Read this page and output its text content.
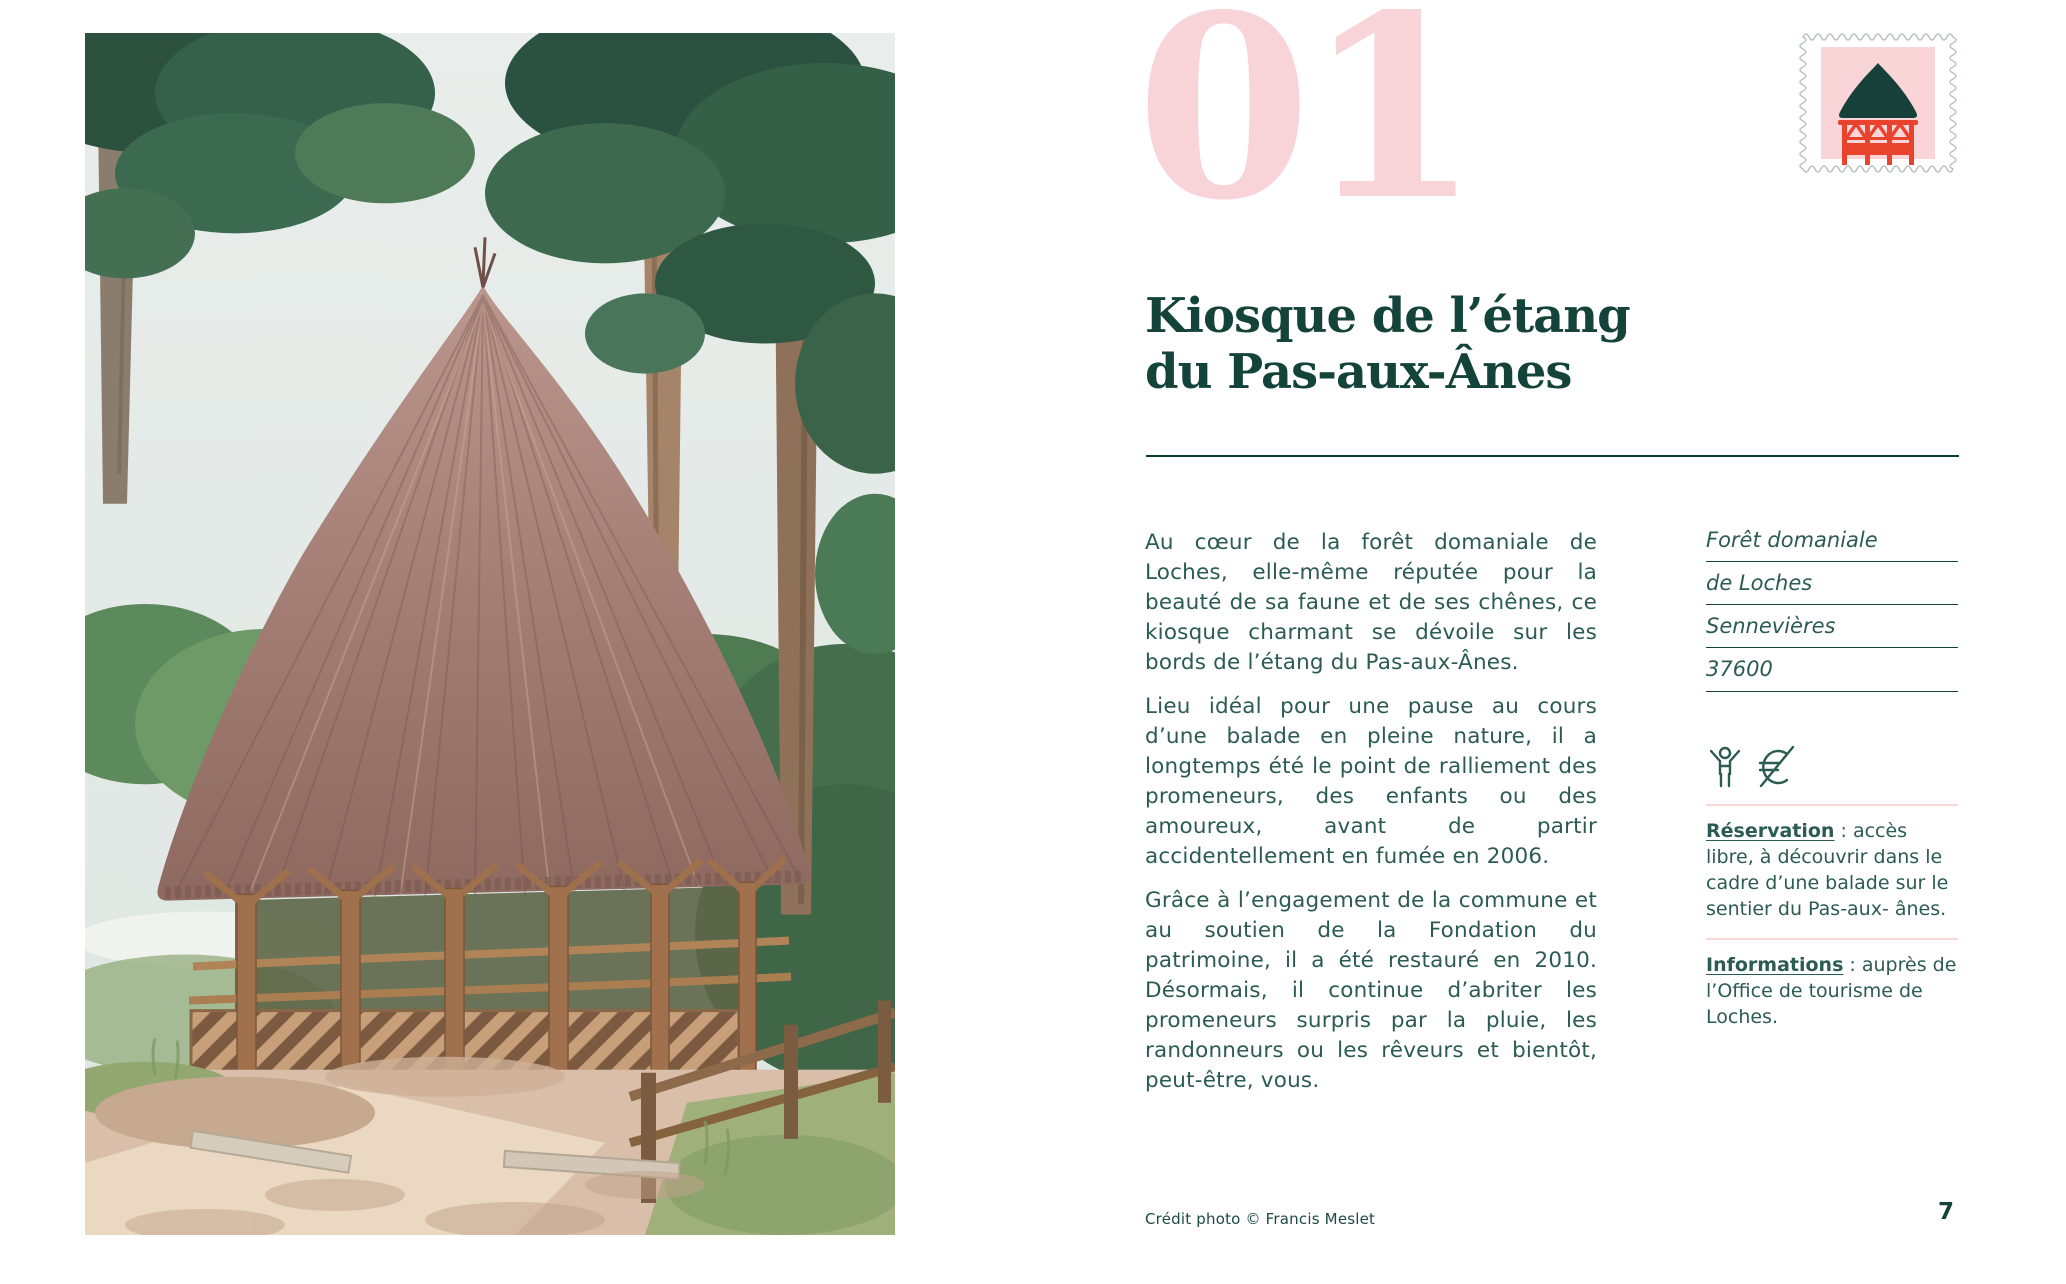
01
Kiosque de l’étang
du Pas-aux-Ânes

Au cœur de la forêt domaniale de Loches, elle-même réputée pour la beauté de sa faune et de ses chênes, ce kiosque charmant se dévoile sur les bords de l’étang du Pas-aux-Ânes.

Lieu idéal pour une pause au cours d’une balade en pleine nature, il a longtemps été le point de ralliement des promeneurs, des enfants ou des amoureux, avant de partir accidentellement en fumée en 2006.

Grâce à l’engagement de la commune et au soutien de la Fondation du patrimoine, il a été restauré en 2010. Désormais, il continue d’abriter les promeneurs surpris par la pluie, les randonneurs ou les rêveurs et bientôt, peut-être, vous.

Forêt domaniale
de Loches
Sennevières
37600
Réservation : accès libre, à découvrir dans le cadre d’une balade sur le sentier du Pas-aux- ânes.
Informations : auprès de l’Office de tourisme de Loches.
Crédit photo © Francis Meslet	7
